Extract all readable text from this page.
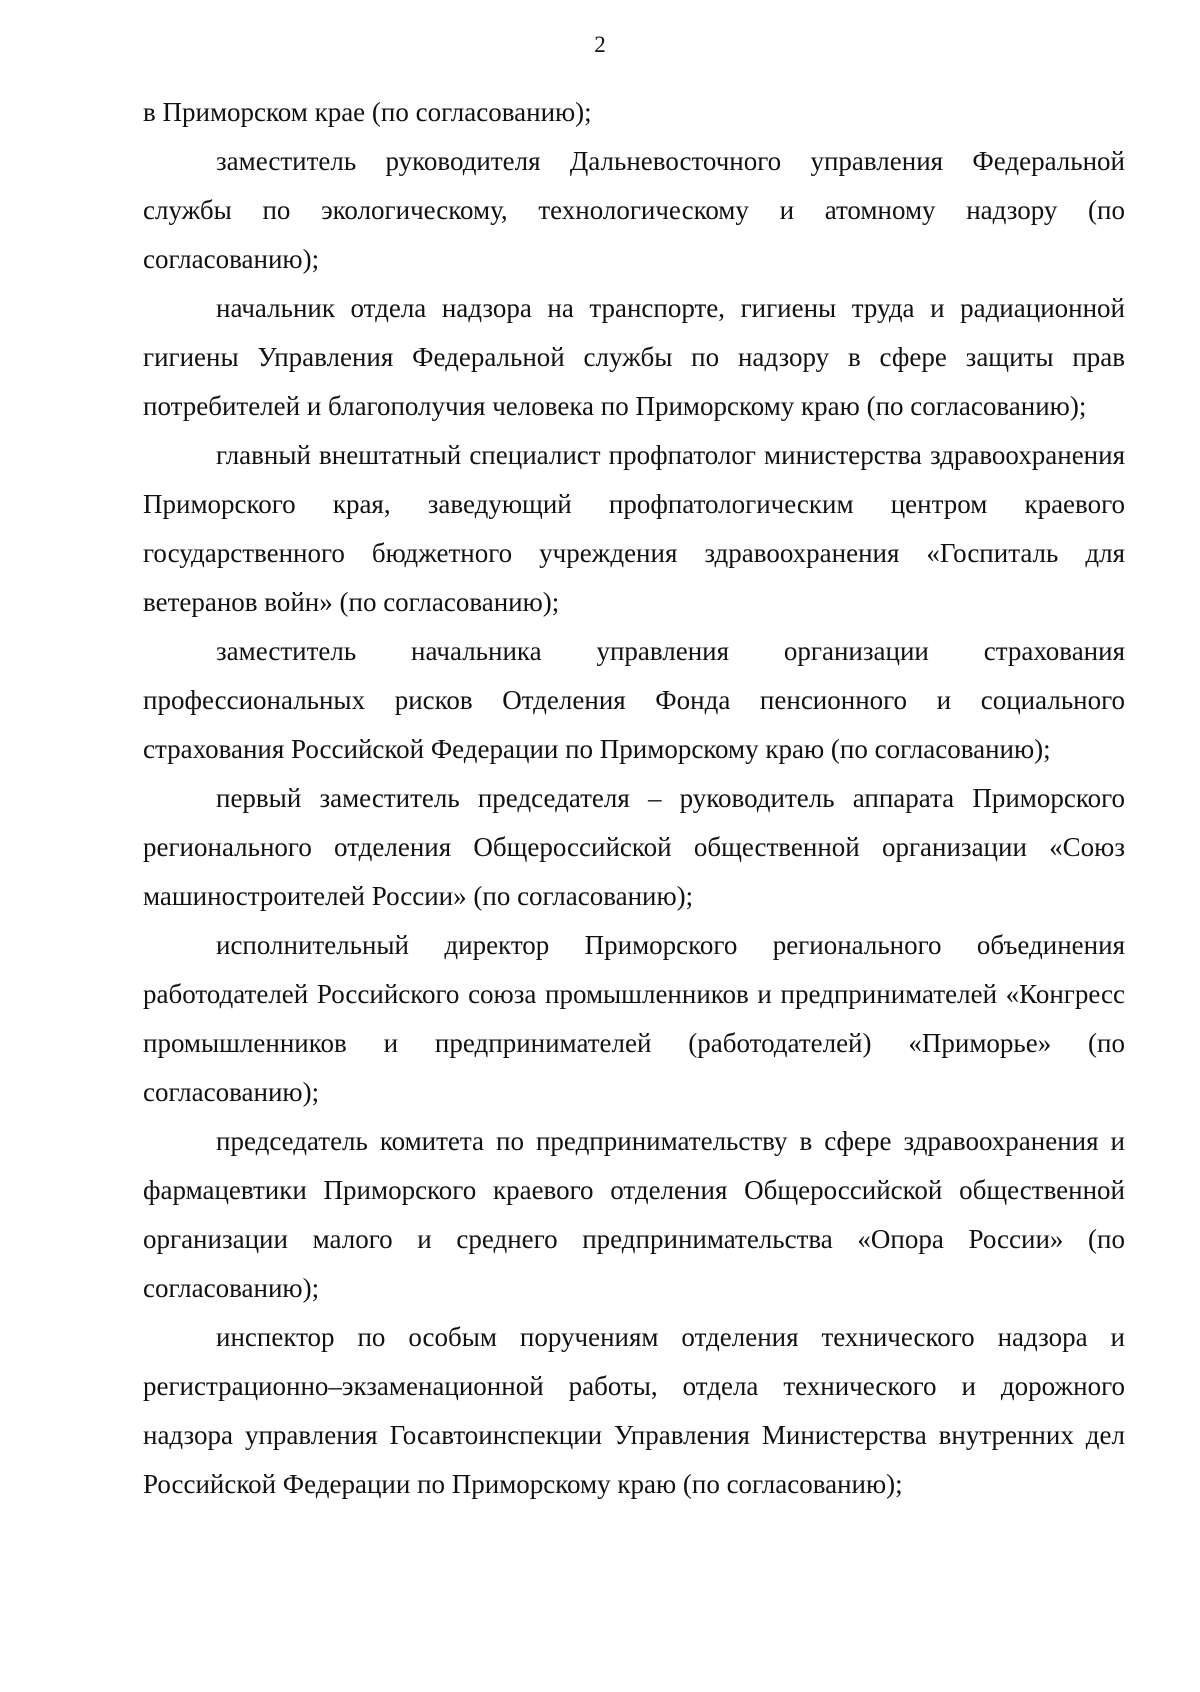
2

в Приморском крае (по согласованию);

заместитель руководителя Дальневосточного управления Федеральной службы по экологическому, технологическому и атомному надзору (по согласованию);

начальник отдела надзора на транспорте, гигиены труда и радиационной гигиены Управления Федеральной службы по надзору в сфере защиты прав потребителей и благополучия человека по Приморскому краю (по согласованию);

главный внештатный специалист профпатолог министерства здравоохранения Приморского края, заведующий профпатологическим центром краевого государственного бюджетного учреждения здравоохранения «Госпиталь для ветеранов войн» (по согласованию);

заместитель начальника управления организации страхования профессиональных рисков Отделения Фонда пенсионного и социального страхования Российской Федерации по Приморскому краю (по согласованию);

первый заместитель председателя – руководитель аппарата Приморского регионального отделения Общероссийской общественной организации «Союз машиностроителей России» (по согласованию);

исполнительный директор Приморского регионального объединения работодателей Российского союза промышленников и предпринимателей «Конгресс промышленников и предпринимателей (работодателей) «Приморье» (по согласованию);

председатель комитета по предпринимательству в сфере здравоохранения и фармацевтики Приморского краевого отделения Общероссийской общественной организации малого и среднего предпринимательства «Опора России» (по согласованию);

инспектор по особым поручениям отделения технического надзора и регистрационно–экзаменационной работы, отдела технического и дорожного надзора управления Госавтоинспекции Управления Министерства внутренних дел Российской Федерации по Приморскому краю (по согласованию);
